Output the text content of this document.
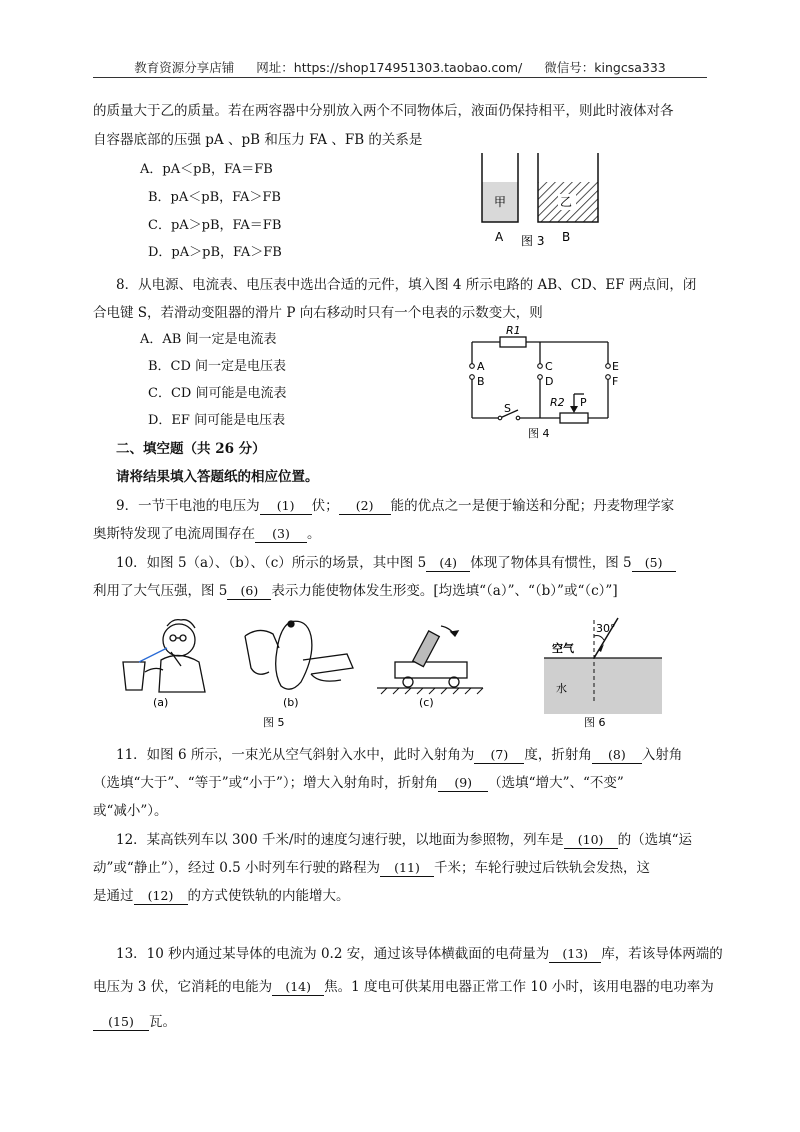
教育资源分享店铺 网址：https://shop174951303.taobao.com/ 微信号：kingcsa333
的质量大于乙的质量。若在两容器中分别放入两个不同物体后，液面仍保持相平，则此时液体对各
自容器底部的压强 pA 、pB 和压力 FA 、FB 的关系是
A．pA＜pB，FA＝FB
B．pA＜pB，FA＞FB
C．pA＞pB，FA＝FB
D．pA＞pB，FA＞FB
甲	乙
A 图 3 B
8．从电源、电流表、电压表中选出合适的元件，填入图 4 所示电路的 AB、CD、EF 两点间，闭
合电键 S，若滑动变阻器的滑片 P 向右移动时只有一个电表的示数变大，则
A．AB 间一定是电流表
B．CD 间一定是电压表
C．CD 间可能是电流表
D．EF 间可能是电压表
R1
A
B
C
D
E
F
S	R2 P
图 4
二、填空题（共 26 分）
请将结果填入答题纸的相应位置。
9．一节干电池的电压为 (1) 伏； (2) 能的优点之一是便于输送和分配；丹麦物理学家
奥斯特发现了电流周围存在 (3) 。
10．如图 5（a）、（b）、（c）所示的场景，其中图 5 (4) 体现了物体具有惯性，图 5 (5)
利用了大气压强，图 5 (6) 表示力能使物体发生形变。[均选填“（a）”、“（b）”或“（c）”]
(a)	(b)	(c)
图 5
30°
空气
水
图 6
11．如图 6 所示，一束光从空气斜射入水中，此时入射角为 (7) 度，折射角 (8) 入射角
（选填“大于”、“等于”或“小于”）；增大入射角时，折射角 (9) （选填“增大”、“不变”
或“减小”）。
12．某高铁列车以 300 千米/时的速度匀速行驶，以地面为参照物，列车是 (10) 的（选填“运
动”或“静止”），经过 0.5 小时列车行驶的路程为 (11) 千米；车轮行驶过后铁轨会发热，这
是通过 (12) 的方式使铁轨的内能增大。
13．10 秒内通过某导体的电流为 0.2 安，通过该导体横截面的电荷量为 (13) 库，若该导体两端的
电压为 3 伏，它消耗的电能为 (14) 焦。1 度电可供某用电器正常工作 10 小时，该用电器的电功率为
(15) 瓦。
